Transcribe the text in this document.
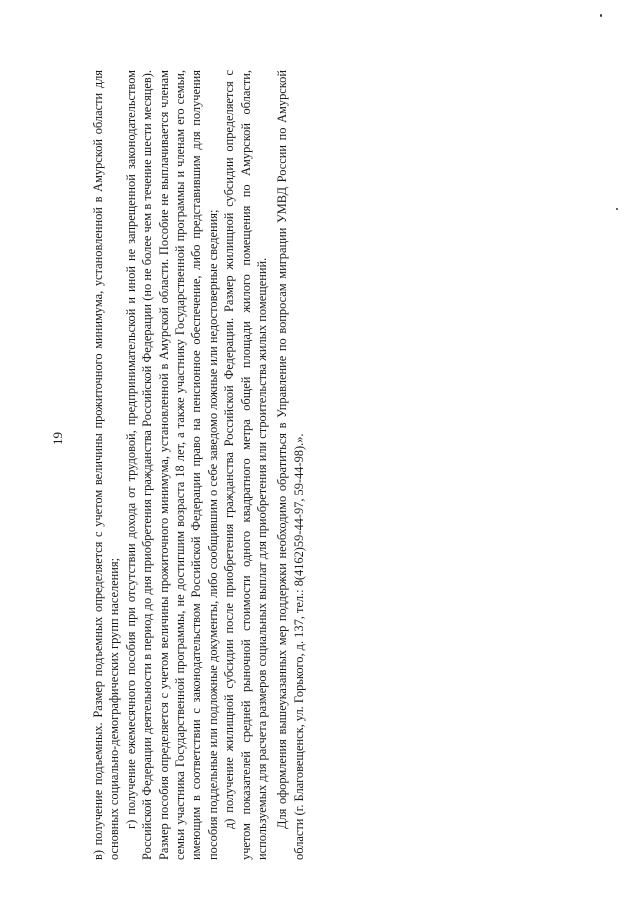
19 в) получение подъемных. Размер подъемных определяется с учетом величины прожиточного минимума, установленной в Амурской области для основных социально-демографических групп населения; г) получение ежемесячного пособия при отсутствии дохода от трудовой, предпринимательской и иной не запрещенной законодательством Российской Федерации деятельности в период до дня приобретения гражданства Российской Федерации (но не более чем в течение шести месяцев). Размер пособия определяется с учетом величины прожиточного минимума, установленной в Амурской области. Пособие не выплачивается членам семьи участника Государственной программы, не достигшим возраста 18 лет, а также участнику Государственной программы и членам его семьи, имеющим в соответствии с законодательством Российской Федерации право на пенсионное обеспечение, либо представившим для получения пособия поддельные или подложные документы, либо сообщившим о себе заведомо ложные или недостоверные сведения; д) получение жилищной субсидии после приобретения гражданства Российской Федерации. Размер жилищной субсидии определяется с учетом показателей средней рыночной стоимости одного квадратного метра общей площади жилого помещения по Амурской области, используемых для расчета размеров социальных выплат для приобретения или строительства жилых помещений. Для оформления вышеуказанных мер поддержки необходимо обратиться в Управление по вопросам миграции УМВД России по Амурской области (г. Благовещенск, ул. Горького, д. 137, тел.: 8(4162)59-44-97, 59-44-98).».
